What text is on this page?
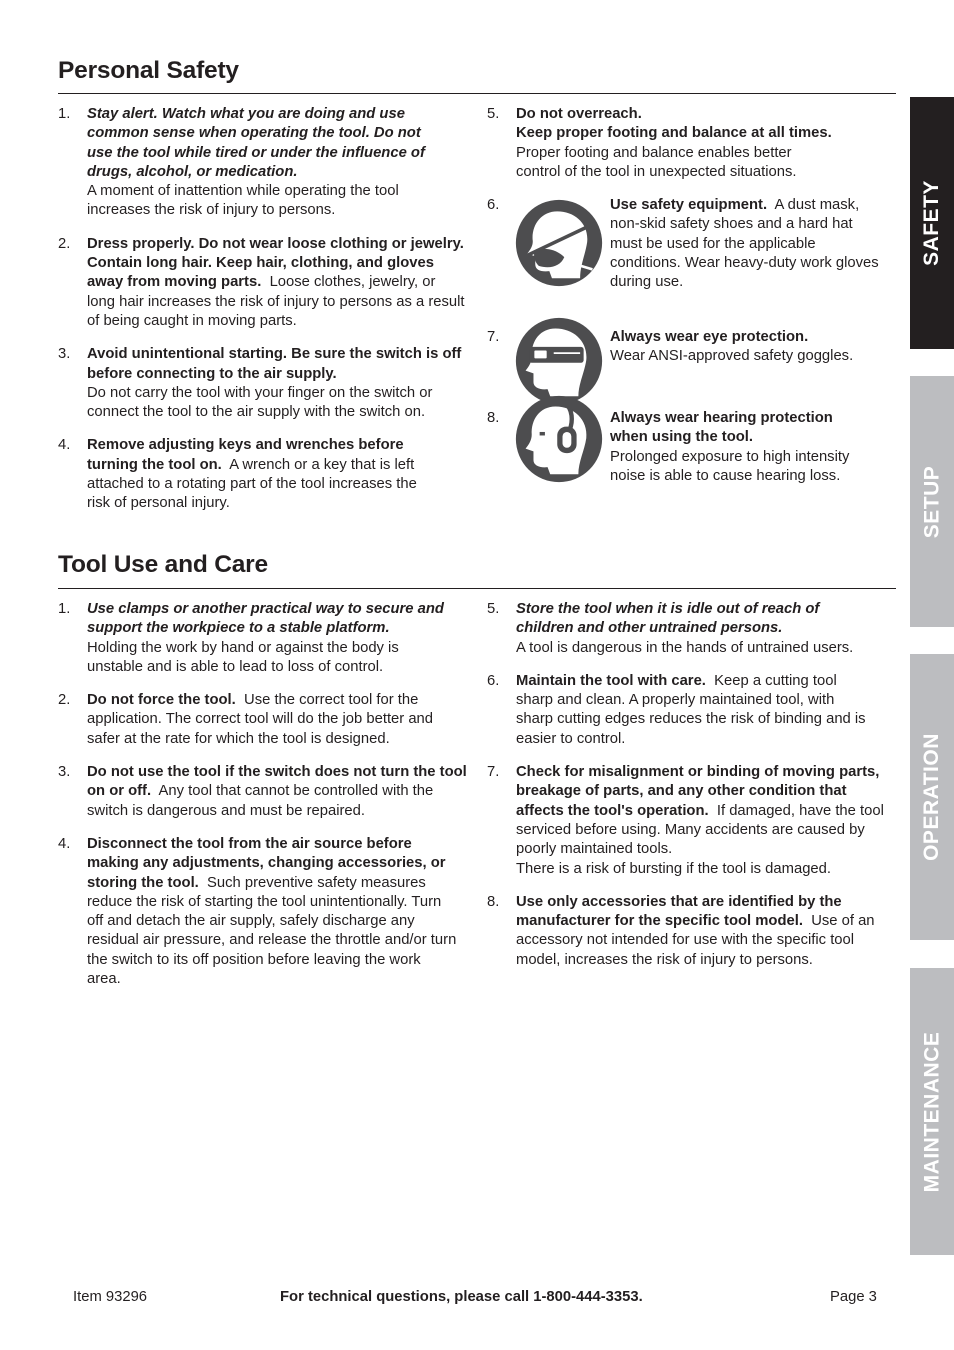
SAFETY
SETUP
OPERATION
MAINTENANCE
Personal Safety
1. Stay alert. Watch what you are doing and use common sense when operating the tool. Do not use the tool while tired or under the influence of drugs, alcohol, or medication.
A moment of inattention while operating the tool increases the risk of injury to persons.
2. Dress properly. Do not wear loose clothing or jewelry. Contain long hair. Keep hair, clothing, and gloves away from moving parts. Loose clothes, jewelry, or long hair increases the risk of injury to persons as a result of being caught in moving parts.
3. Avoid unintentional starting. Be sure the switch is off before connecting to the air supply.
Do not carry the tool with your finger on the switch or connect the tool to the air supply with the switch on.
4. Remove adjusting keys and wrenches before turning the tool on. A wrench or a key that is left attached to a rotating part of the tool increases the risk of personal injury.
5. Do not overreach.
Keep proper footing and balance at all times.
Proper footing and balance enables better control of the tool in unexpected situations.
6.	Use safety equipment. A dust mask, non-skid safety shoes and a hard hat must be used for the applicable conditions. Wear heavy-duty work gloves during use.
7.	Always wear eye protection.
Wear ANSI-approved safety goggles.
8.	Always wear hearing protection when using the tool.
Prolonged exposure to high intensity noise is able to cause hearing loss.
Tool Use and Care
1. Use clamps or another practical way to secure and support the workpiece to a stable platform.
Holding the work by hand or against the body is unstable and is able to lead to loss of control.
2. Do not force the tool. Use the correct tool for the application. The correct tool will do the job better and safer at the rate for which the tool is designed.
3. Do not use the tool if the switch does not turn the tool on or off. Any tool that cannot be controlled with the switch is dangerous and must be repaired.
4. Disconnect the tool from the air source before making any adjustments, changing accessories, or storing the tool. Such preventive safety measures reduce the risk of starting the tool unintentionally. Turn off and detach the air supply, safely discharge any residual air pressure, and release the throttle and/or turn the switch to its off position before leaving the work area.
5. Store the tool when it is idle out of reach of children and other untrained persons.
A tool is dangerous in the hands of untrained users.
6. Maintain the tool with care. Keep a cutting tool sharp and clean. A properly maintained tool, with sharp cutting edges reduces the risk of binding and is easier to control.
7. Check for misalignment or binding of moving parts, breakage of parts, and any other condition that affects the tool's operation. If damaged, have the tool serviced before using. Many accidents are caused by poorly maintained tools.
There is a risk of bursting if the tool is damaged.
8. Use only accessories that are identified by the manufacturer for the specific tool model. Use of an accessory not intended for use with the specific tool model, increases the risk of injury to persons.
Item 93296	For technical questions, please call 1-800-444-3353.	Page 3
